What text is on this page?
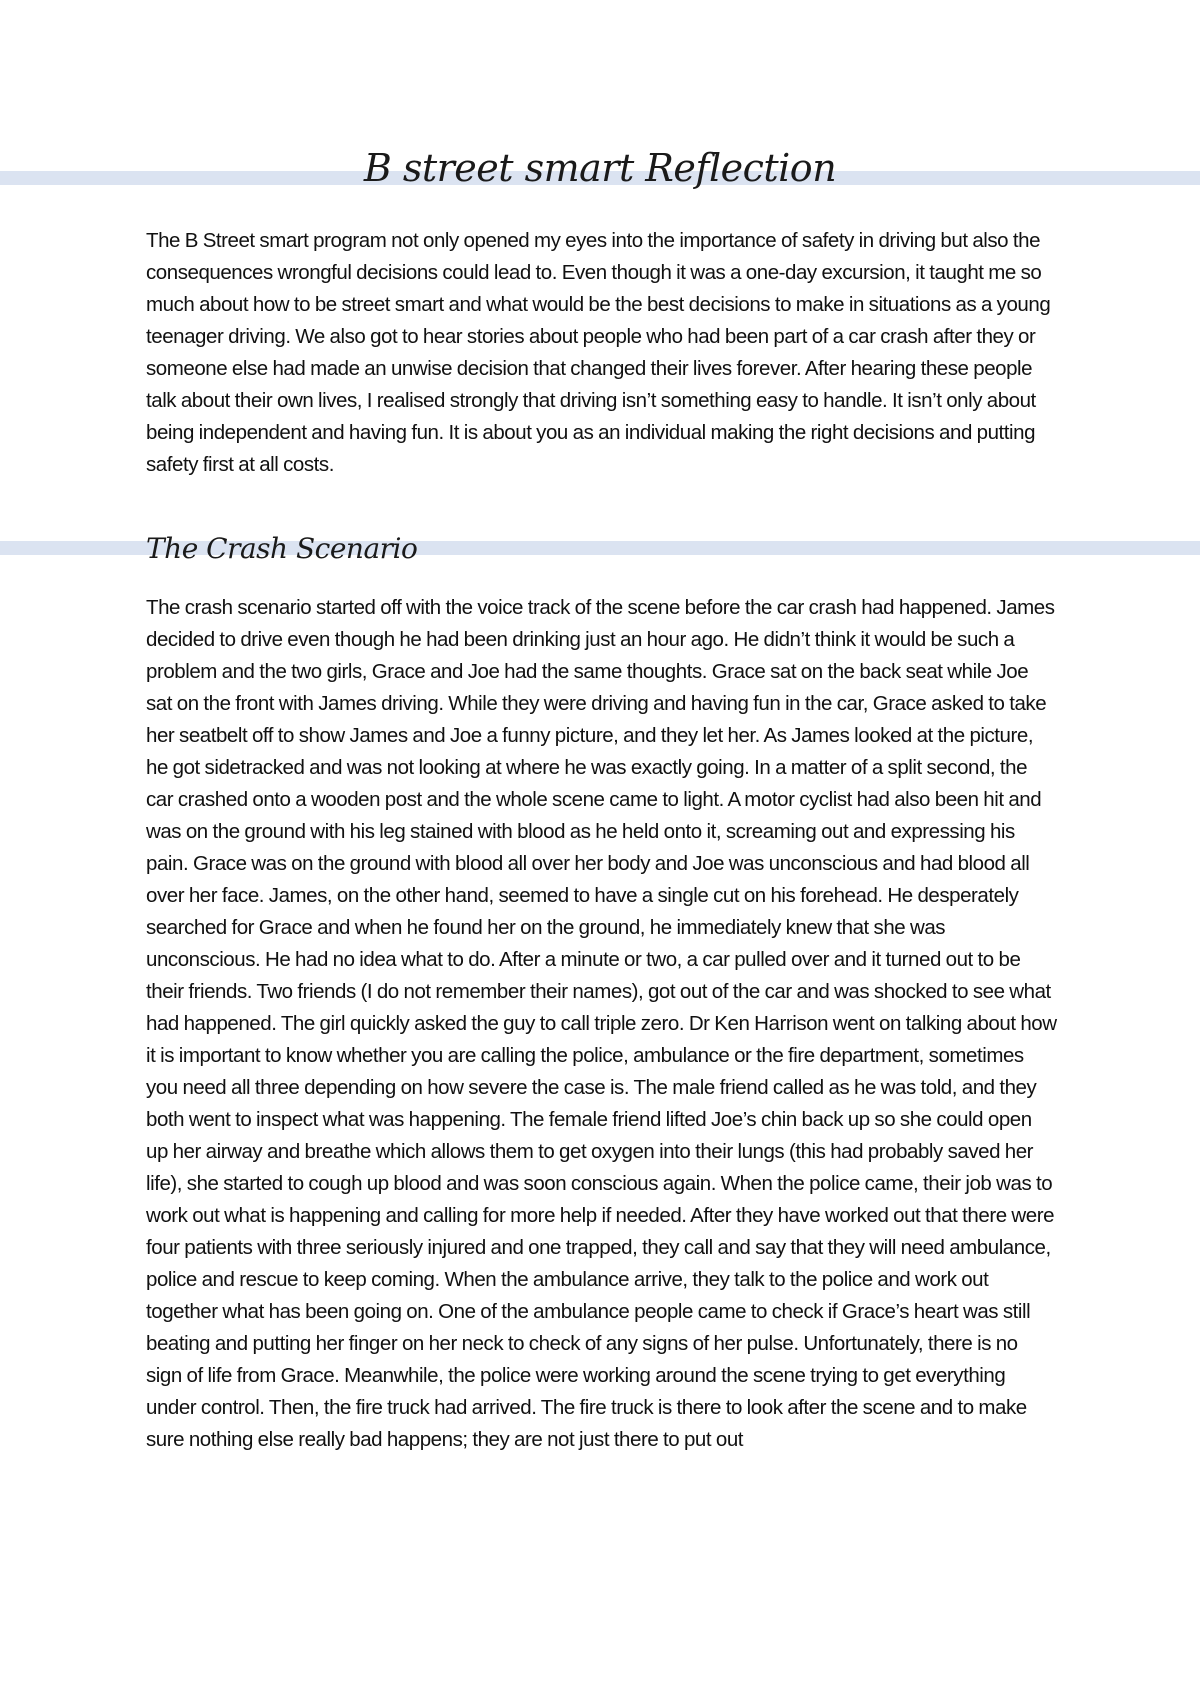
B street smart Reflection

The B Street smart program not only opened my eyes into the importance of safety in driving but also the consequences wrongful decisions could lead to. Even though it was a one-day excursion, it taught me so much about how to be street smart and what would be the best decisions to make in situations as a young teenager driving. We also got to hear stories about people who had been part of a car crash after they or someone else had made an unwise decision that changed their lives forever. After hearing these people talk about their own lives, I realised strongly that driving isn’t something easy to handle. It isn’t only about being independent and having fun. It is about you as an individual making the right decisions and putting safety first at all costs.

The Crash Scenario

The crash scenario started off with the voice track of the scene before the car crash had happened. James decided to drive even though he had been drinking just an hour ago. He didn’t think it would be such a problem and the two girls, Grace and Joe had the same thoughts. Grace sat on the back seat while Joe sat on the front with James driving. While they were driving and having fun in the car, Grace asked to take her seatbelt off to show James and Joe a funny picture, and they let her. As James looked at the picture, he got sidetracked and was not looking at where he was exactly going. In a matter of a split second, the car crashed onto a wooden post and the whole scene came to light. A motor cyclist had also been hit and was on the ground with his leg stained with blood as he held onto it, screaming out and expressing his pain. Grace was on the ground with blood all over her body and Joe was unconscious and had blood all over her face. James, on the other hand, seemed to have a single cut on his forehead. He desperately searched for Grace and when he found her on the ground, he immediately knew that she was unconscious. He had no idea what to do. After a minute or two, a car pulled over and it turned out to be their friends. Two friends (I do not remember their names), got out of the car and was shocked to see what had happened. The girl quickly asked the guy to call triple zero. Dr Ken Harrison went on talking about how it is important to know whether you are calling the police, ambulance or the fire department, sometimes you need all three depending on how severe the case is. The male friend called as he was told, and they both went to inspect what was happening. The female friend lifted Joe’s chin back up so she could open up her airway and breathe which allows them to get oxygen into their lungs (this had probably saved her life), she started to cough up blood and was soon conscious again. When the police came, their job was to work out what is happening and calling for more help if needed. After they have worked out that there were four patients with three seriously injured and one trapped, they call and say that they will need ambulance, police and rescue to keep coming. When the ambulance arrive, they talk to the police and work out together what has been going on. One of the ambulance people came to check if Grace’s heart was still beating and putting her finger on her neck to check of any signs of her pulse. Unfortunately, there is no sign of life from Grace. Meanwhile, the police were working around the scene trying to get everything under control. Then, the fire truck had arrived. The fire truck is there to look after the scene and to make sure nothing else really bad happens; they are not just there to put out
